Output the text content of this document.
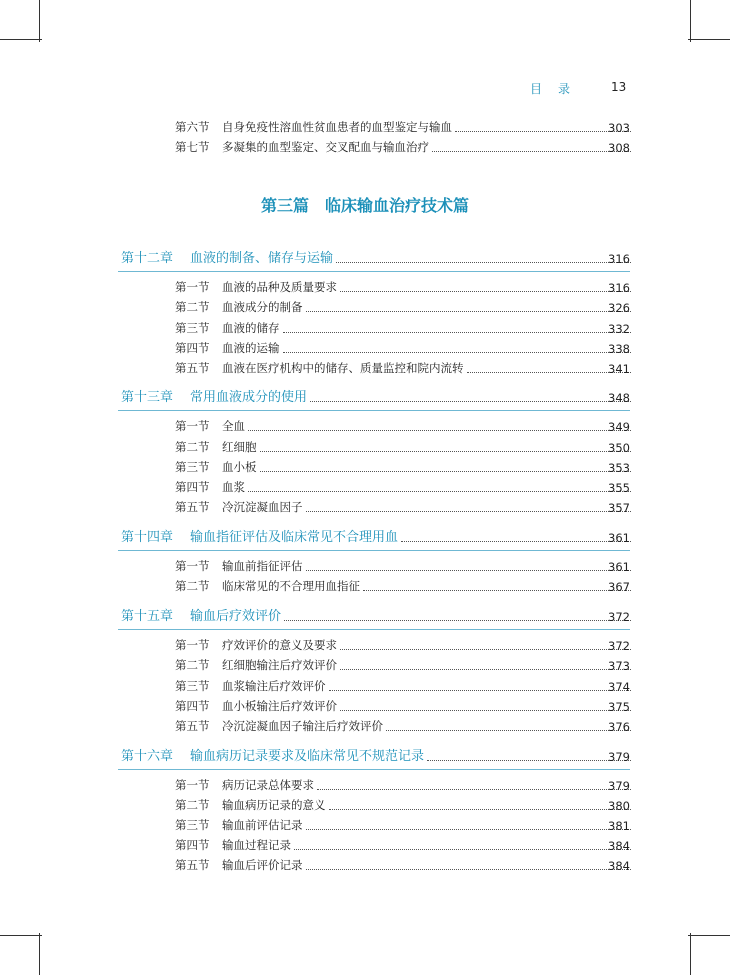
目　录	13
第六节 自身免疫性溶血性贫血患者的血型鉴定与输血	303
第七节 多凝集的血型鉴定、交叉配血与输血治疗	308
第三篇 临床输血治疗技术篇
第十二章 血液的制备、储存与运输	316
第一节 血液的品种及质量要求	316
第二节 血液成分的制备	326
第三节 血液的储存	332
第四节 血液的运输	338
第五节 血液在医疗机构中的储存、质量监控和院内流转	341
第十三章 常用血液成分的使用	348
第一节 全血	349
第二节 红细胞	350
第三节 血小板	353
第四节 血浆	355
第五节 冷沉淀凝血因子	357
第十四章 输血指征评估及临床常见不合理用血	361
第一节 输血前指征评估	361
第二节 临床常见的不合理用血指征	367
第十五章 输血后疗效评价	372
第一节 疗效评价的意义及要求	372
第二节 红细胞输注后疗效评价	373
第三节 血浆输注后疗效评价	374
第四节 血小板输注后疗效评价	375
第五节 冷沉淀凝血因子输注后疗效评价	376
第十六章 输血病历记录要求及临床常见不规范记录	379
第一节 病历记录总体要求	379
第二节 输血病历记录的意义	380
第三节 输血前评估记录	381
第四节 输血过程记录	384
第五节 输血后评价记录	384
